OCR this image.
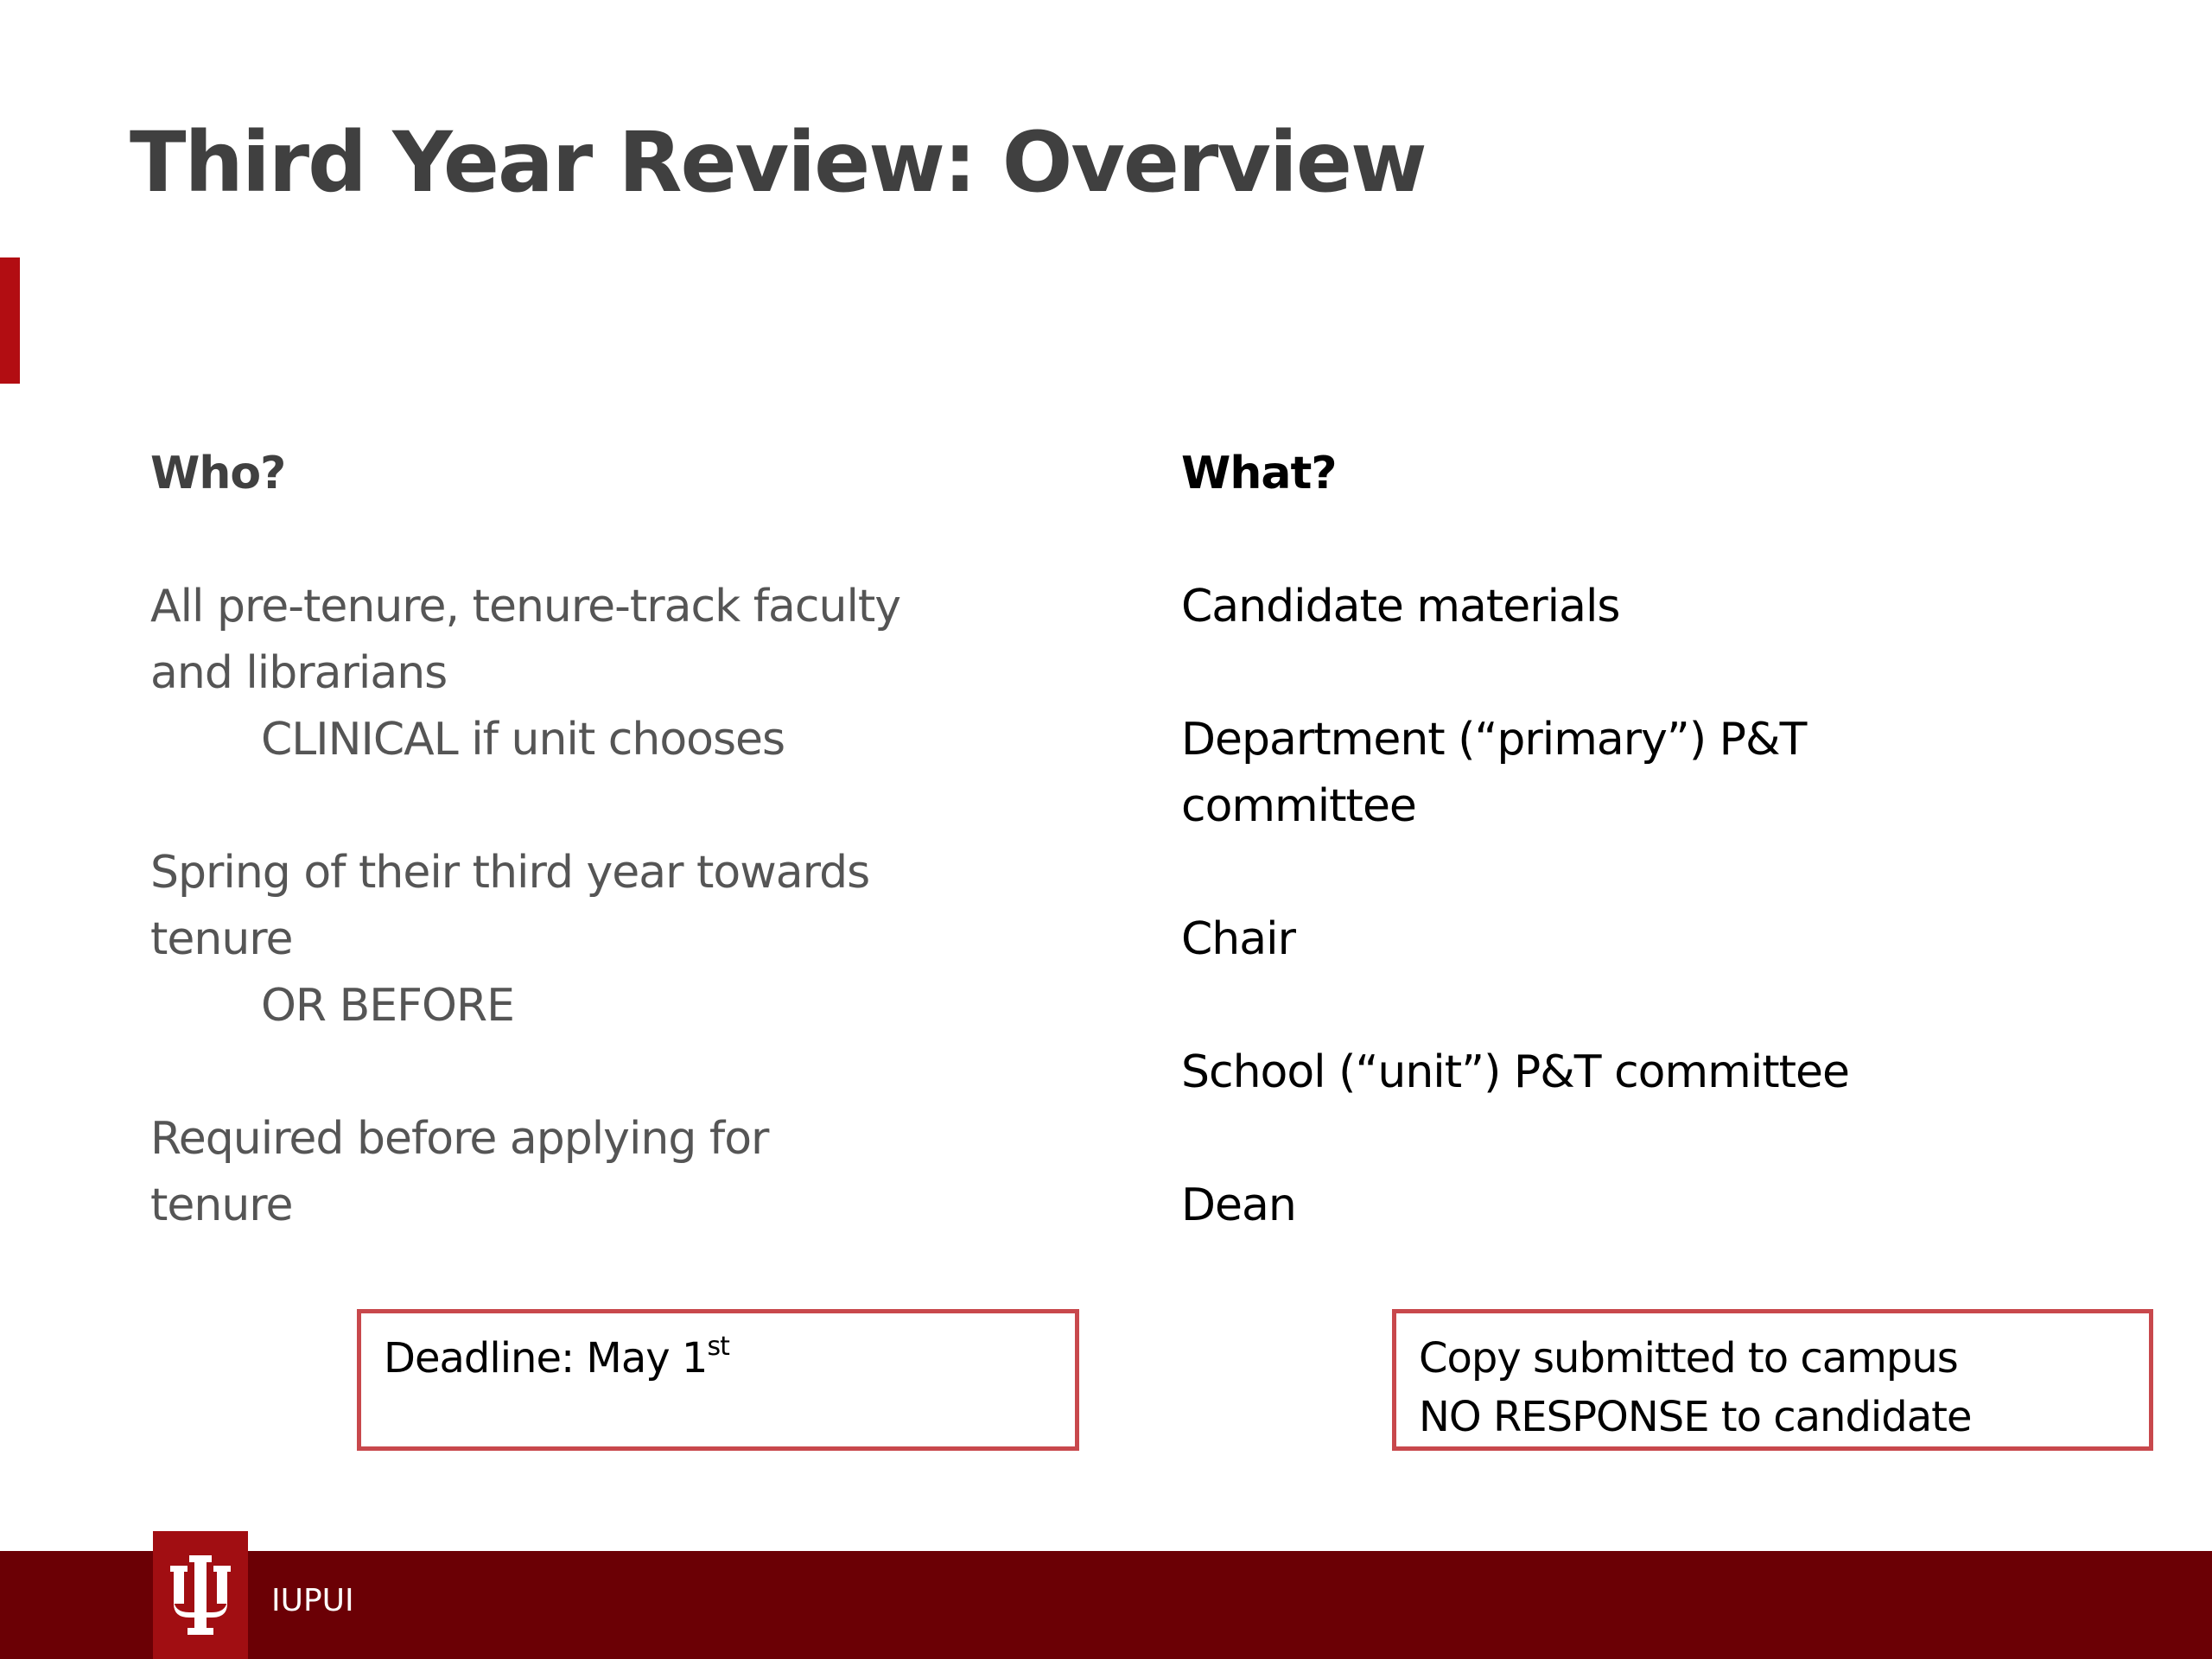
Third Year Review: Overview
Who?
All pre-tenure, tenure-track faculty
and librarians
CLINICAL if unit chooses
Spring of their third year towards
tenure
OR BEFORE
Required before applying for
tenure
What?
Candidate materials
Department (“primary”) P&T
committee
Chair
School (“unit”) P&T committee
Dean
Deadline: May 1st	Copy submitted to campus
NO RESPONSE to candidate
IUPUI
